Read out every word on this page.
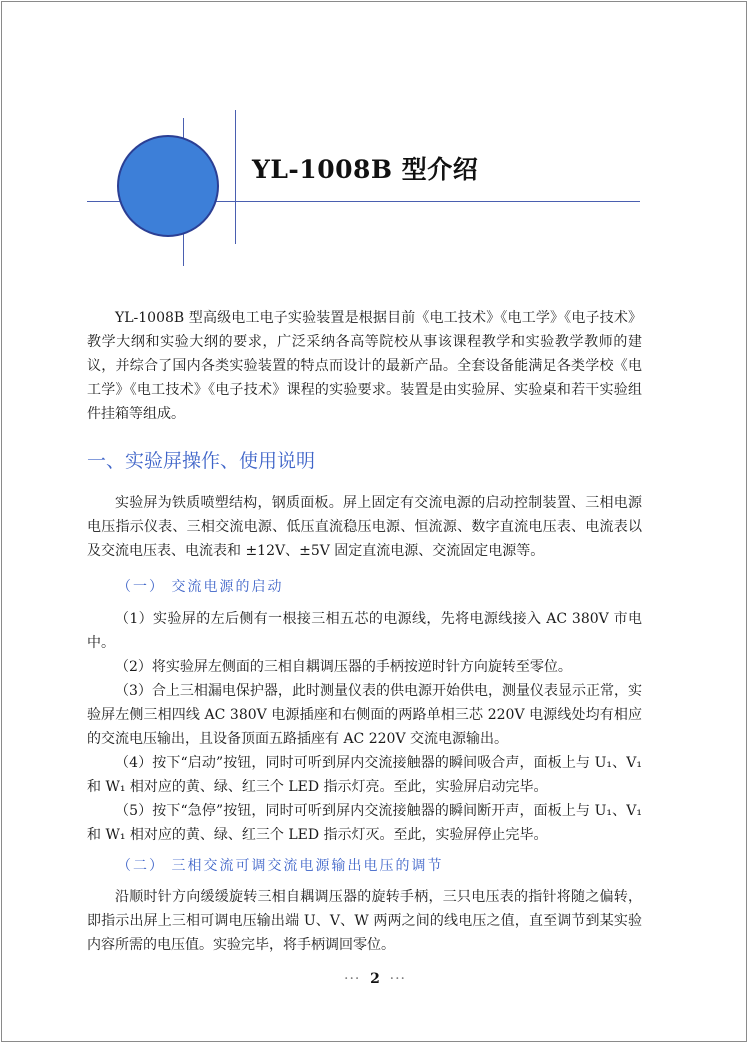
YL-1008B 型介绍

YL-1008B 型高级电工电子实验装置是根据目前《电工技术》《电工学》《电子技术》教学大纲和实验大纲的要求，广泛采纳各高等院校从事该课程教学和实验教学教师的建议，并综合了国内各类实验装置的特点而设计的最新产品。全套设备能满足各类学校《电工学》《电工技术》《电子技术》课程的实验要求。装置是由实验屏、实验桌和若干实验组件挂箱等组成。

一、实验屏操作、使用说明

实验屏为铁质喷塑结构，钢质面板。屏上固定有交流电源的启动控制装置、三相电源电压指示仪表、三相交流电源、低压直流稳压电源、恒流源、数字直流电压表、电流表以及交流电压表、电流表和 ±12V、±5V 固定直流电源、交流固定电源等。

（一） 交流电源的启动

（1）实验屏的左后侧有一根接三相五芯的电源线，先将电源线接入 AC 380V 市电中。

（2）将实验屏左侧面的三相自耦调压器的手柄按逆时针方向旋转至零位。

（3）合上三相漏电保护器，此时测量仪表的供电源开始供电，测量仪表显示正常，实验屏左侧三相四线 AC 380V 电源插座和右侧面的两路单相三芯 220V 电源线处均有相应的交流电压输出，且设备顶面五路插座有 AC 220V 交流电源输出。

（4）按下“启动”按钮，同时可听到屏内交流接触器的瞬间吸合声，面板上与 U₁、V₁ 和 W₁ 相对应的黄、绿、红三个 LED 指示灯亮。至此，实验屏启动完毕。

（5）按下“急停”按钮，同时可听到屏内交流接触器的瞬间断开声，面板上与 U₁、V₁ 和 W₁ 相对应的黄、绿、红三个 LED 指示灯灭。至此，实验屏停止完毕。

（二） 三相交流可调交流电源输出电压的调节

沿顺时针方向缓缓旋转三相自耦调压器的旋转手柄，三只电压表的指针将随之偏转，即指示出屏上三相可调电压输出端 U、V、W 两两之间的线电压之值，直至调节到某实验内容所需的电压值。实验完毕，将手柄调回零位。

··· 2 ···
